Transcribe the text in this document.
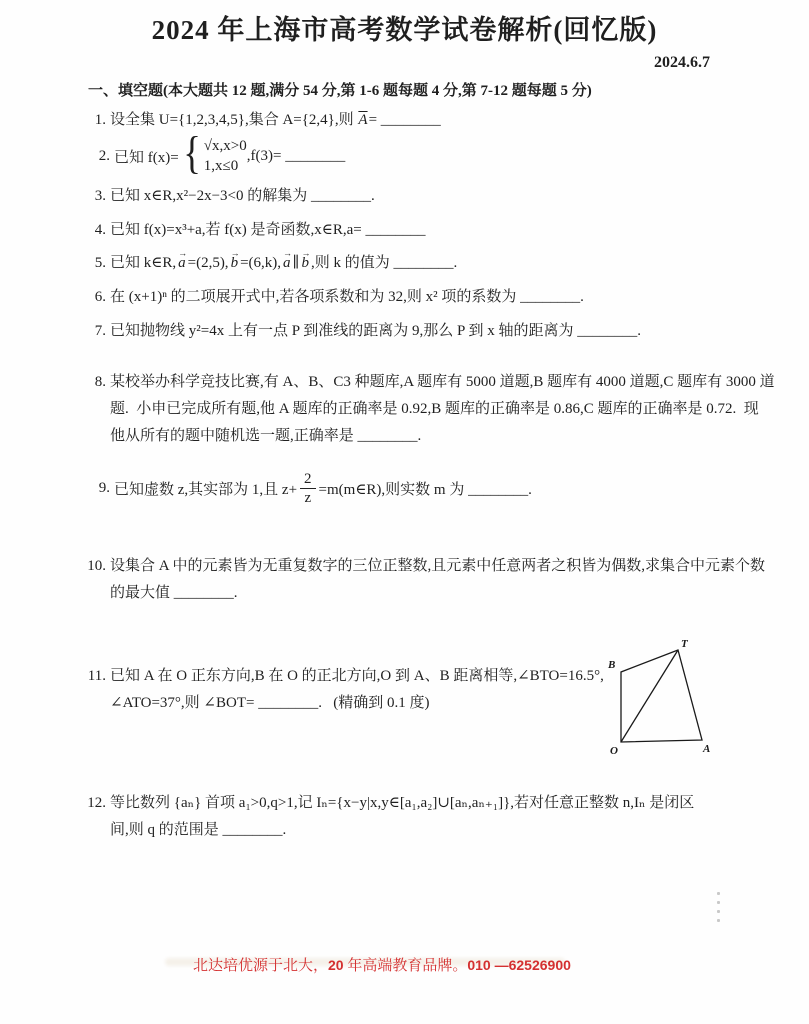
2024 年上海市高考数学试卷解析(回忆版)
2024.6.7
一、填空题(本大题共 12 题,满分 54 分,第 1-6 题每题 4 分,第 7-12 题每题 5 分)
1. 设全集 U={1,2,3,4,5},集合 A={2,4},则 $\overline{A}=$ ________
2. 已知 f(x)= { √x,x>0
1,x≤0
,f(3)= ________
3. 已知 x∈R,x²−2x−3<0 的解集为 ________.
4. 已知 f(x)=x³+a,若 f(x) 是奇函数,x∈R,a= ________
5. 已知 k∈R, → a =(2,5), → b =(6,k), → a ∥ → b ,则 k 的值为 ________.
6. 在 (x+1)ⁿ 的二项展开式中,若各项系数和为 32,则 x² 项的系数为 ________.
7. 已知抛物线 y²=4x 上有一点 P 到准线的距离为 9,那么 P 到 x 轴的距离为 ________.
8. 某校举办科学竞技比赛,有 A、B、C3 种题库,A 题库有 5000 道题,B 题库有 4000 道题,C 题库有 3000 道
题.  小申已完成所有题,他 A 题库的正确率是 0.92,B 题库的正确率是 0.86,C 题库的正确率是 0.72.  现
他从所有的题中随机选一题,正确率是 ________.
9. 已知虚数 z,其实部为 1,且 $z+ \frac{2}{z}$ =m(m∈R),则实数 m 为 ________.
10. 设集合 A 中的元素皆为无重复数字的三位正整数,且元素中任意两者之积皆为偶数,求集合中元素个数
的最大值 ________.
11. 已知 A 在 O 正东方向,B 在 O 的正北方向,O 到 A、B 距离相等,∠BTO=16.5°,
∠ATO=37°,则 ∠BOT= ________.   (精确到 0.1 度)
O	A
B
T
12. 等比数列 {aₙ} 首项 a₁>0,q>1,记 Iₙ={x−y|x,y∈[a₁,a₂]∪[aₙ,aₙ₊₁]},若对任意正整数 n,Iₙ 是闭区
间,则 q 的范围是 ________.

北达培优源于北大，20 年高端教育品牌。010 —62526900
